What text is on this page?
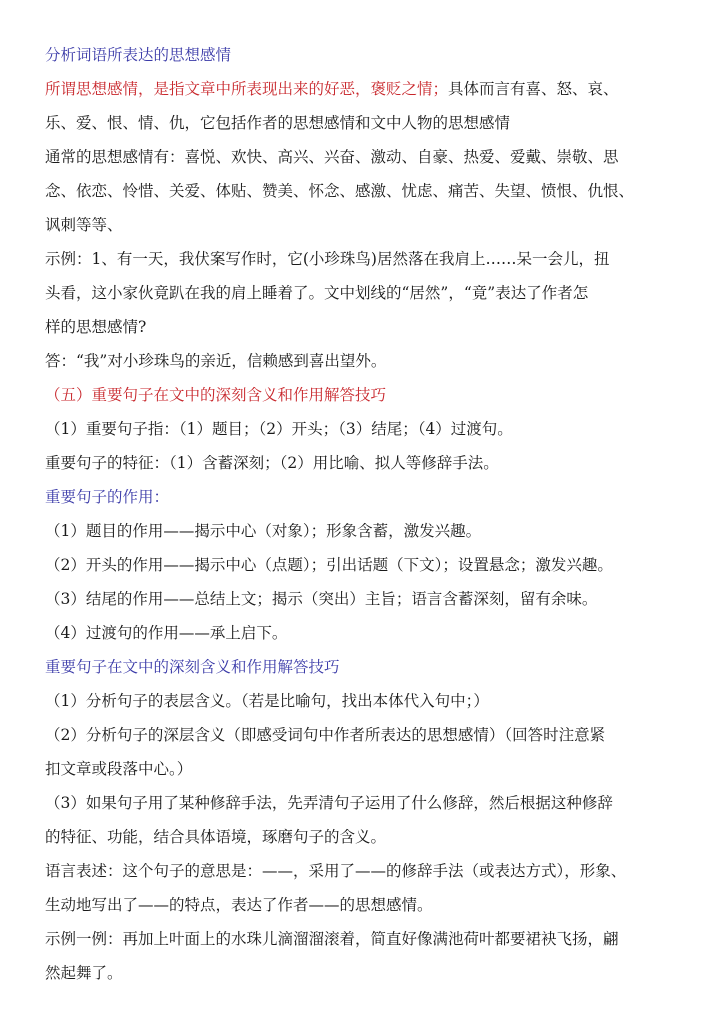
分析词语所表达的思想感情
所谓思想感情，是指文章中所表现出来的好恶，褒贬之情；具体而言有喜、怒、哀、
乐、爱、恨、情、仇，它包括作者的思想感情和文中人物的思想感情
通常的思想感情有：喜悦、欢快、高兴、兴奋、激动、自豪、热爱、爱戴、崇敬、思
念、依恋、怜惜、关爱、体贴、赞美、怀念、感激、忧虑、痛苦、失望、愤恨、仇恨、
讽刺等等、
示例：1、有一天，我伏案写作时，它(小珍珠鸟)居然落在我肩上……呆一会儿，扭
头看，这小家伙竟趴在我的肩上睡着了。文中划线的“居然”，“竟”表达了作者怎
样的思想感情?
答：“我”对小珍珠鸟的亲近，信赖感到喜出望外。
（五）重要句子在文中的深刻含义和作用解答技巧
（1）重要句子指：（1）题目；（2）开头；（3）结尾；（4）过渡句。
重要句子的特征：（1）含蓄深刻；（2）用比喻、拟人等修辞手法。
重要句子的作用：
（1）题目的作用——揭示中心（对象）；形象含蓄，激发兴趣。
（2）开头的作用——揭示中心（点题）；引出话题（下文）；设置悬念；激发兴趣。
（3）结尾的作用——总结上文；揭示（突出）主旨；语言含蓄深刻，留有余味。
（4）过渡句的作用——承上启下。
重要句子在文中的深刻含义和作用解答技巧
（1）分析句子的表层含义。（若是比喻句，找出本体代入句中；）
（2）分析句子的深层含义（即感受词句中作者所表达的思想感情）（回答时注意紧
扣文章或段落中心。）
（3）如果句子用了某种修辞手法，先弄清句子运用了什么修辞，然后根据这种修辞
的特征、功能，结合具体语境，琢磨句子的含义。
语言表述：这个句子的意思是：——，采用了——的修辞手法（或表达方式），形象、
生动地写出了——的特点，表达了作者——的思想感情。
示例一例：再加上叶面上的水珠儿滴溜溜滚着，简直好像满池荷叶都要裙袂飞扬，翩
然起舞了。
